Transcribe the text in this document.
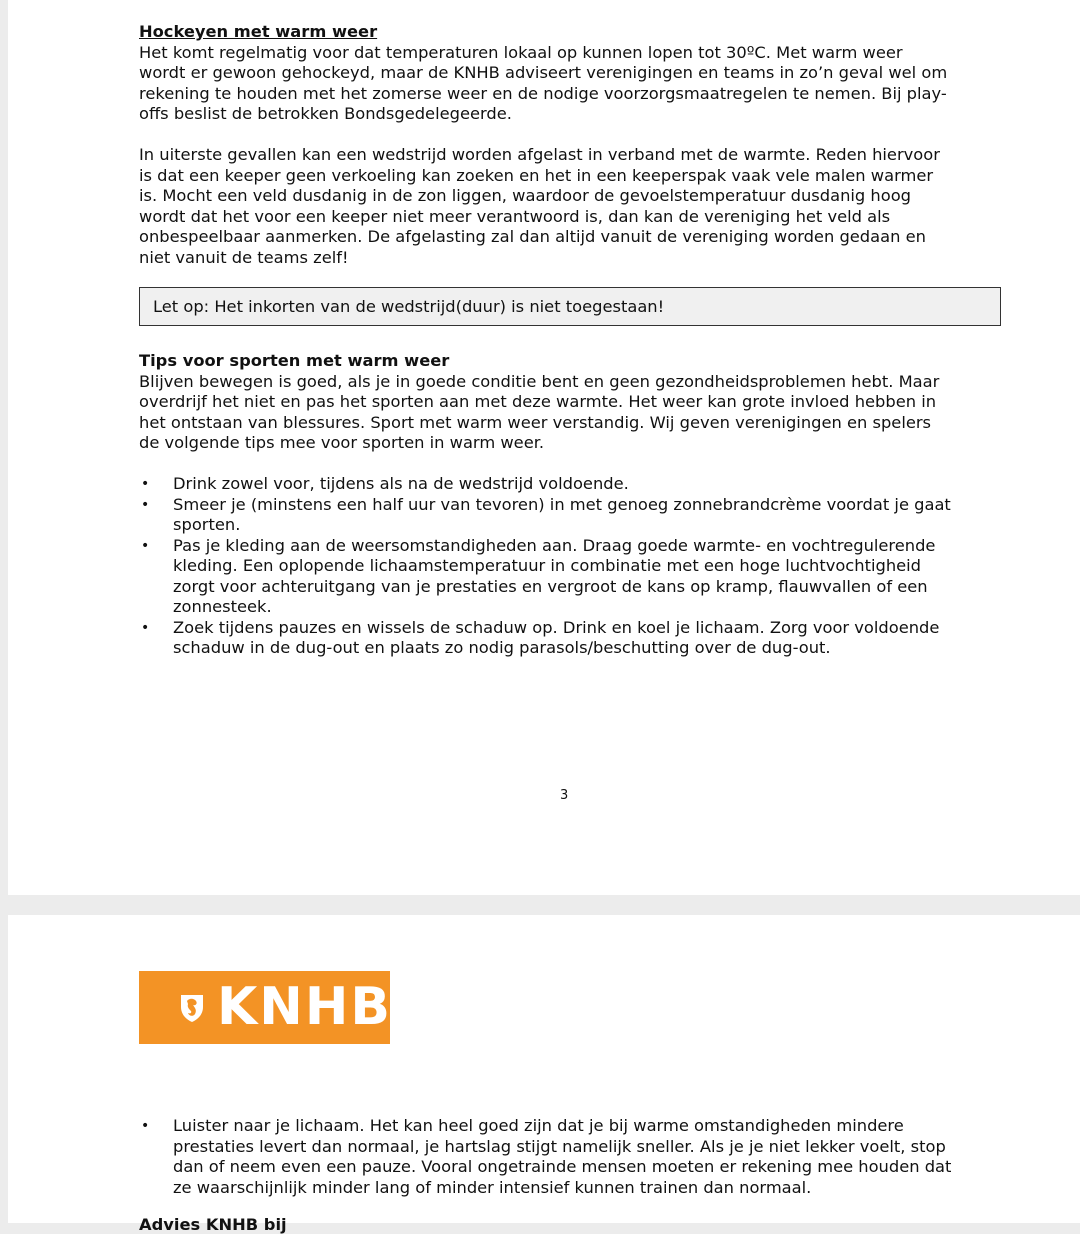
Hockeyen met warm weer

Het komt regelmatig voor dat temperaturen lokaal op kunnen lopen tot 30ºC. Met warm weer

wordt er gewoon gehockeyd, maar de KNHB adviseert verenigingen en teams in zo’n geval wel om

rekening te houden met het zomerse weer en de nodige voorzorgsmaatregelen te nemen. Bij play-

offs beslist de betrokken Bondsgedelegeerde.

In uiterste gevallen kan een wedstrijd worden afgelast in verband met de warmte. Reden hiervoor

is dat een keeper geen verkoeling kan zoeken en het in een keeperspak vaak vele malen warmer

is. Mocht een veld dusdanig in de zon liggen, waardoor de gevoelstemperatuur dusdanig hoog

wordt dat het voor een keeper niet meer verantwoord is, dan kan de vereniging het veld als

onbespeelbaar aanmerken. De afgelasting zal dan altijd vanuit de vereniging worden gedaan en

niet vanuit de teams zelf!

Let op: Het inkorten van de wedstrijd(duur) is niet toegestaan!

Tips voor sporten met warm weer

Blijven bewegen is goed, als je in goede conditie bent en geen gezondheidsproblemen hebt. Maar

overdrijf het niet en pas het sporten aan met deze warmte. Het weer kan grote invloed hebben in

het ontstaan van blessures. Sport met warm weer verstandig. Wij geven verenigingen en spelers

de volgende tips mee voor sporten in warm weer.

• Drink zowel voor, tijdens als na de wedstrijd voldoende.

• Smeer je (minstens een half uur van tevoren) in met genoeg zonnebrandcrème voordat je gaat

sporten.

• Pas je kleding aan de weersomstandigheden aan. Draag goede warmte- en vochtregulerende

kleding. Een oplopende lichaamstemperatuur in combinatie met een hoge luchtvochtigheid

zorgt voor achteruitgang van je prestaties en vergroot de kans op kramp, flauwvallen of een

zonnesteek.

• Zoek tijdens pauzes en wissels de schaduw op. Drink en koel je lichaam. Zorg voor voldoende

schaduw in de dug-out en plaats zo nodig parasols/beschutting over de dug-out.

3
KNHB
• Luister naar je lichaam. Het kan heel goed zijn dat je bij warme omstandigheden mindere

prestaties levert dan normaal, je hartslag stijgt namelijk sneller. Als je je niet lekker voelt, stop

dan of neem even een pauze. Vooral ongetrainde mensen moeten er rekening mee houden dat

ze waarschijnlijk minder lang of minder intensief kunnen trainen dan normaal.

Advies KNHB bij
